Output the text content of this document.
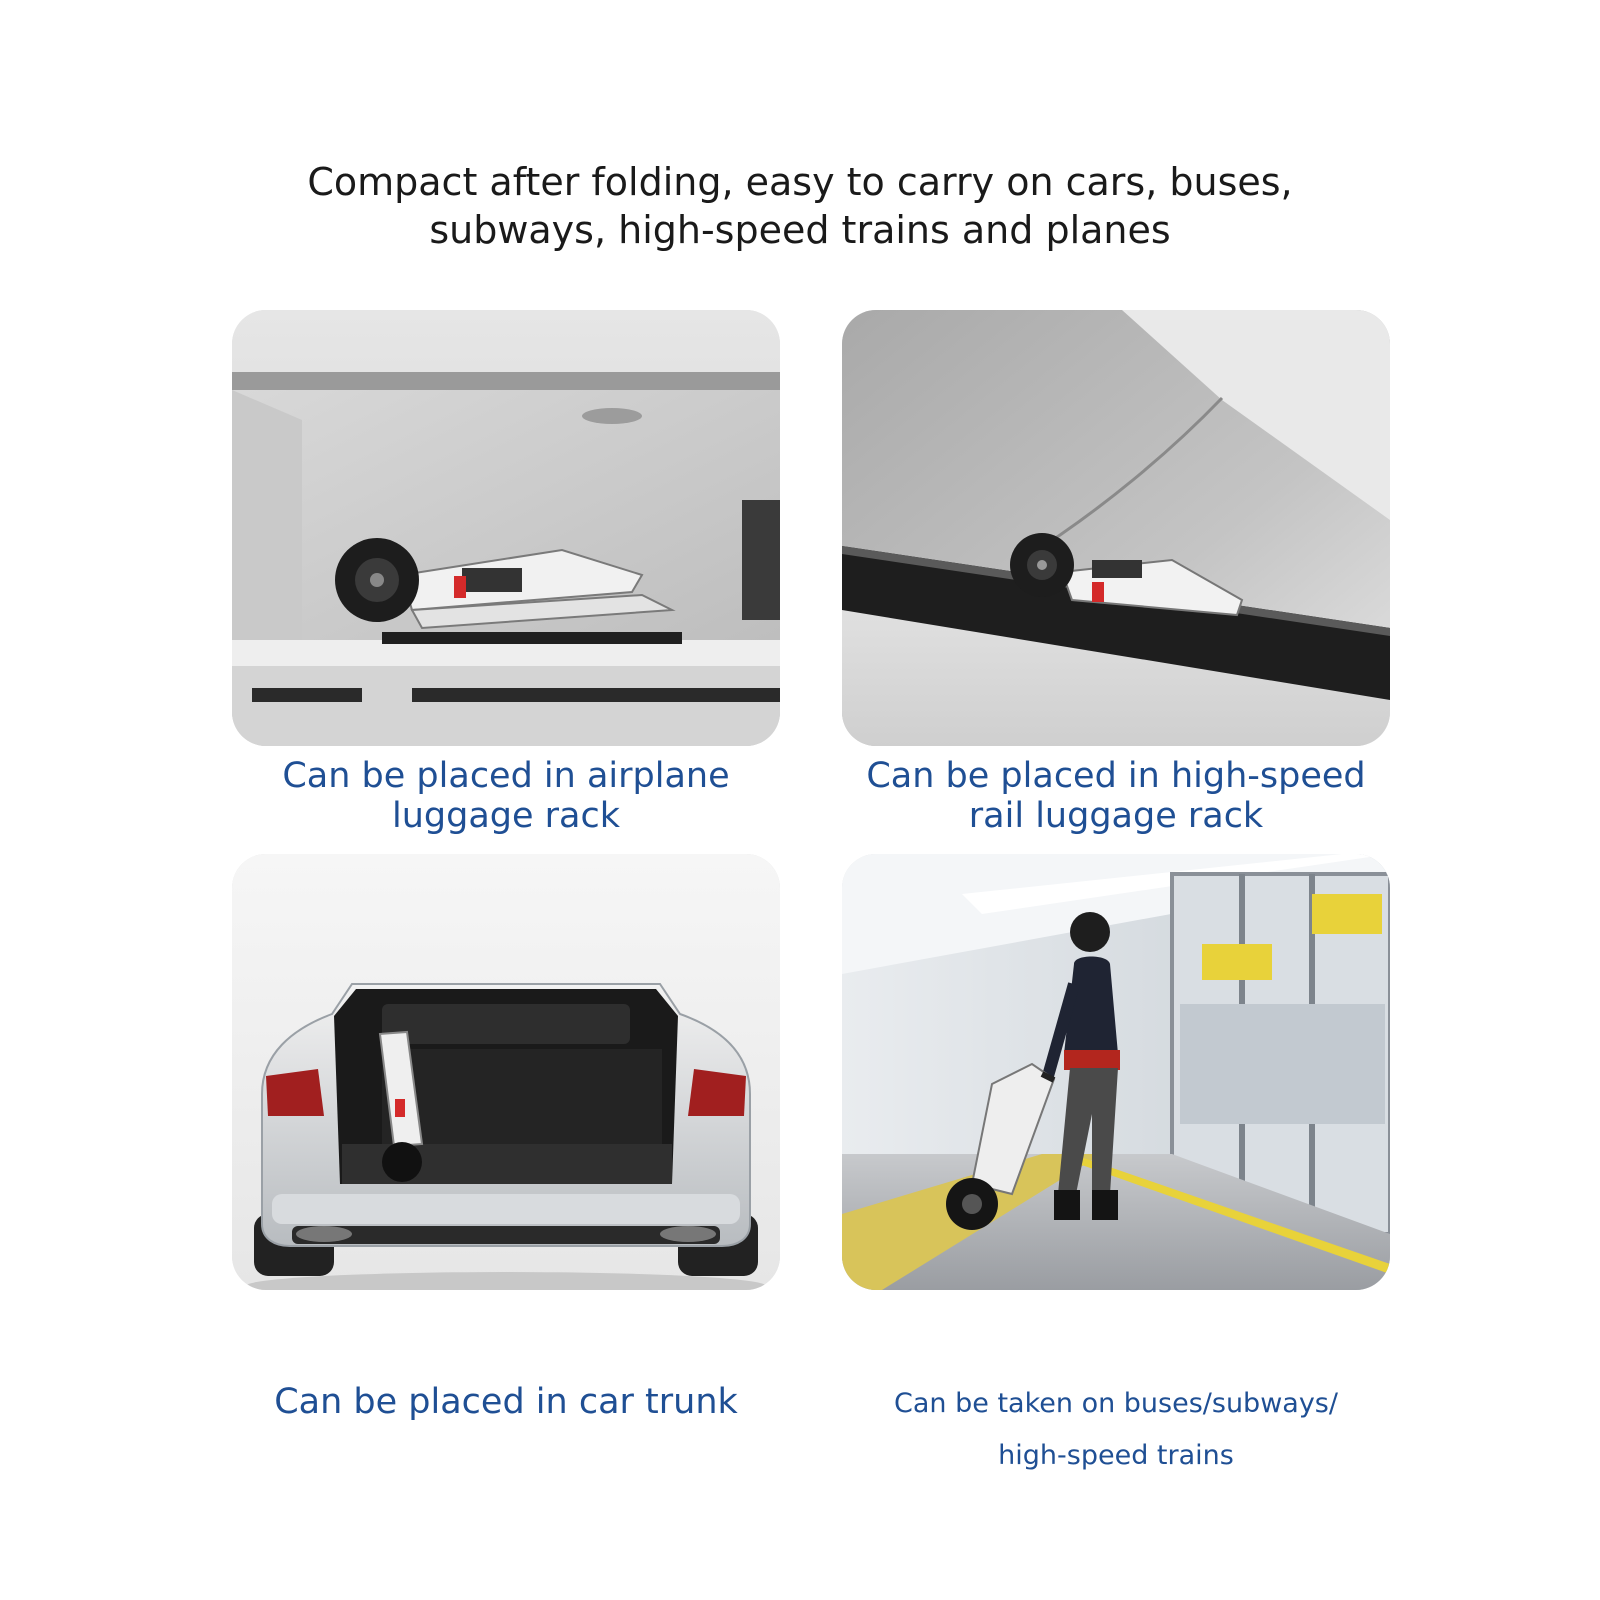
Compact after folding, easy to carry on cars, buses,
subways, high-speed trains and planes
Can be placed in airplane
luggage rack
Can be placed in high-speed
rail luggage rack
Can be placed in car trunk	Can be taken on buses/subways/
high-speed trains
